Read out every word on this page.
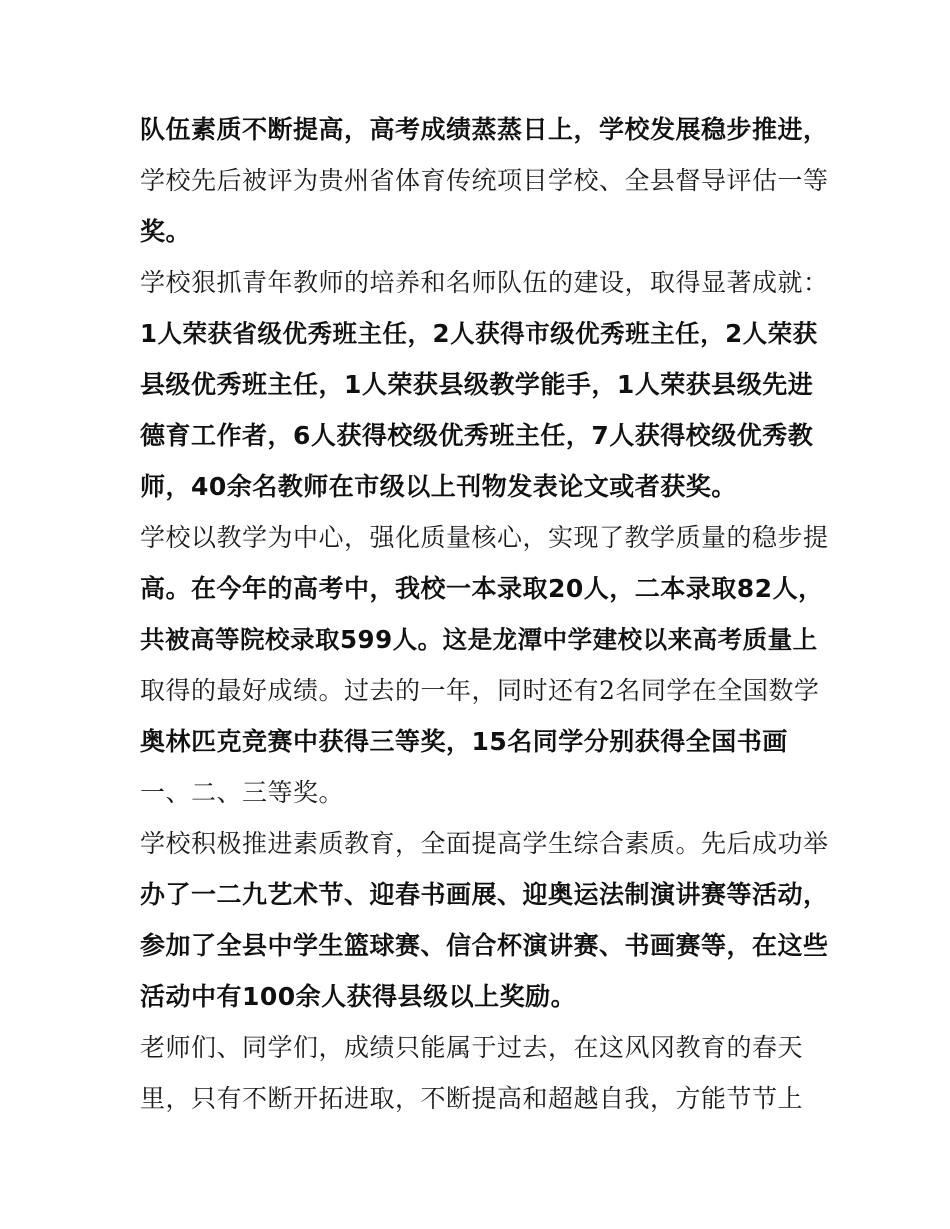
队伍素质不断提高，高考成绩蒸蒸日上，学校发展稳步推进，
学校先后被评为贵州省体育传统项目学校、全县督导评估一等
奖。
学校狠抓青年教师的培养和名师队伍的建设，取得显著成就：
1人荣获省级优秀班主任，2人获得市级优秀班主任，2人荣获
县级优秀班主任，1人荣获县级教学能手，1人荣获县级先进
德育工作者，6人获得校级优秀班主任，7人获得校级优秀教
师，40余名教师在市级以上刊物发表论文或者获奖。
学校以教学为中心，强化质量核心，实现了教学质量的稳步提
高。在今年的高考中，我校一本录取20人，二本录取82人，
共被高等院校录取599人。这是龙潭中学建校以来高考质量上
取得的最好成绩。过去的一年，同时还有2名同学在全国数学
奥林匹克竞赛中获得三等奖，15名同学分别获得全国书画
一、二、三等奖。
学校积极推进素质教育，全面提高学生综合素质。先后成功举
办了一二九艺术节、迎春书画展、迎奥运法制演讲赛等活动，
参加了全县中学生篮球赛、信合杯演讲赛、书画赛等，在这些
活动中有100余人获得县级以上奖励。
老师们、同学们，成绩只能属于过去，在这风冈教育的春天
里，只有不断开拓进取，不断提高和超越自我，方能节节上
